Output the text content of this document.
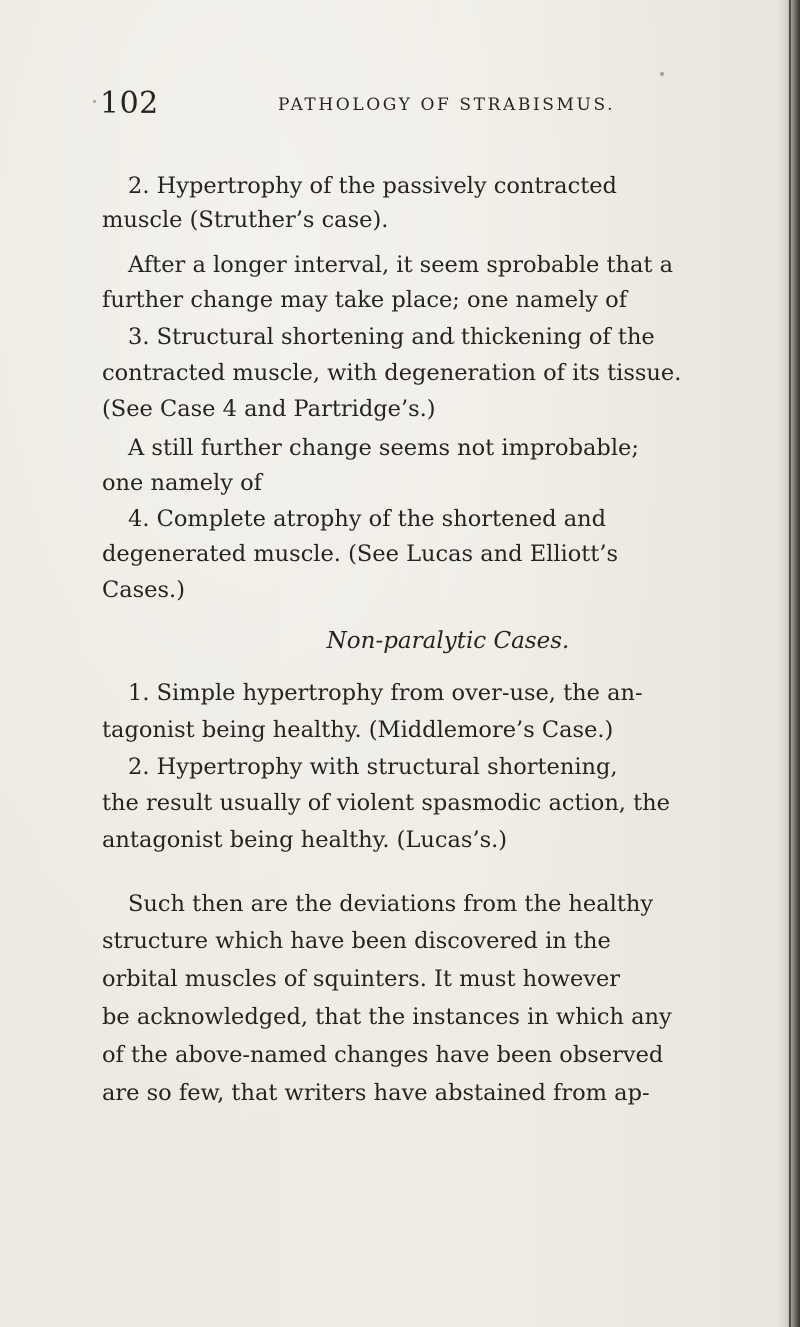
102	PATHOLOGY OF STRABISMUS.
2. Hypertrophy of the passively contracted
muscle (Struther’s case).
After a longer interval, it seem sprobable that a
further change may take place; one namely of
3. Structural shortening and thickening of the
contracted muscle, with degeneration of its tissue.
(See Case 4 and Partridge’s.)
A still further change seems not improbable;
one namely of
4. Complete atrophy of the shortened and
degenerated muscle. (See Lucas and Elliott’s
Cases.)
Non-paralytic Cases.
1. Simple hypertrophy from over-use, the an-
tagonist being healthy. (Middlemore’s Case.)
2. Hypertrophy with structural shortening,
the result usually of violent spasmodic action, the
antagonist being healthy. (Lucas’s.)
Such then are the deviations from the healthy
structure which have been discovered in the
orbital muscles of squinters. It must however
be acknowledged, that the instances in which any
of the above-named changes have been observed
are so few, that writers have abstained from ap-
